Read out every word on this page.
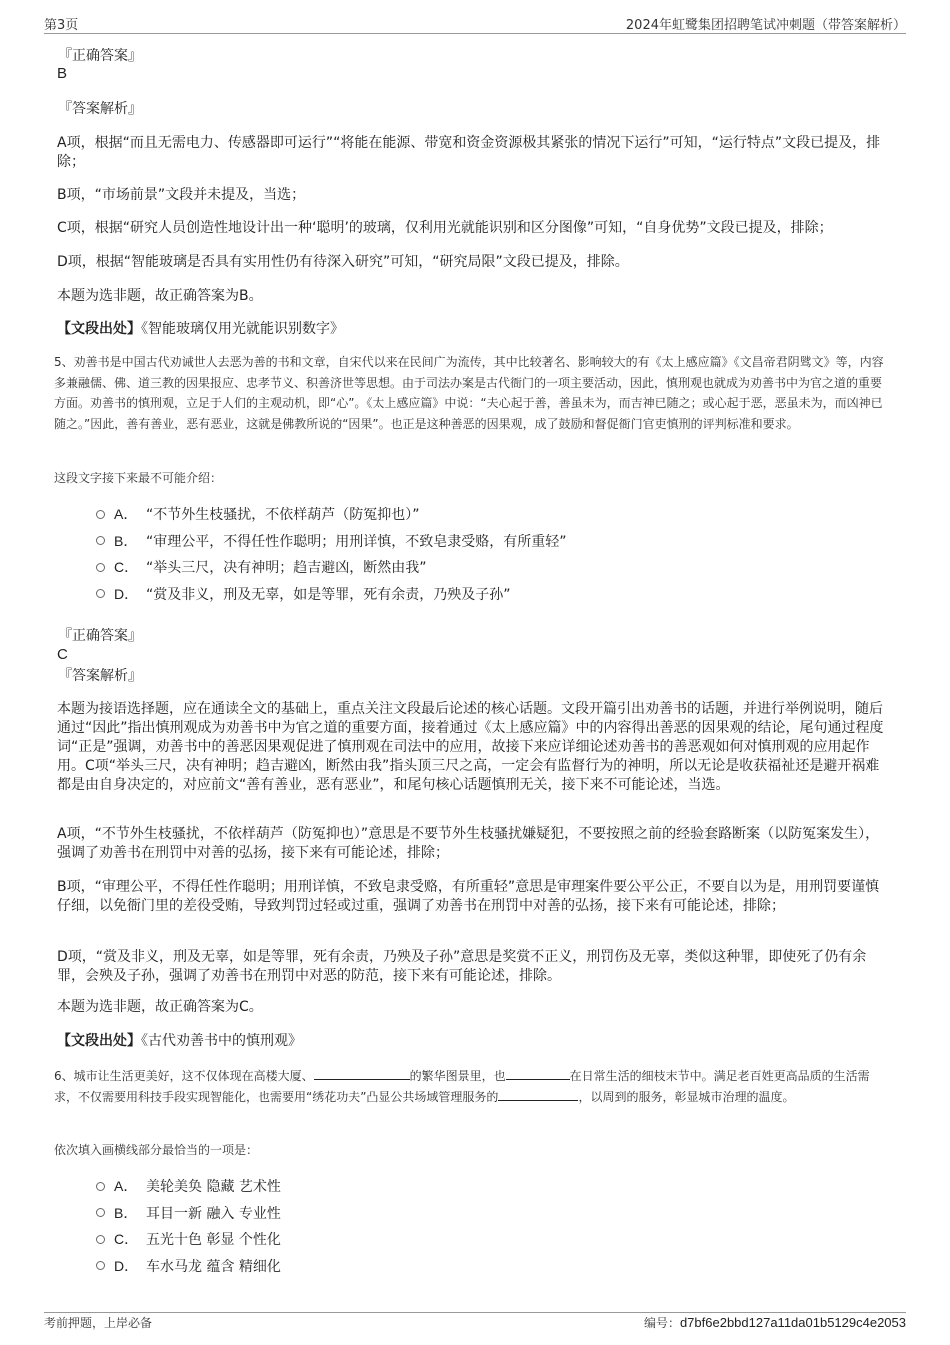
第3页	2024年虹鹭集团招聘笔试冲刺题（带答案解析）
『正确答案』
B
『答案解析』
A项，根据“而且无需电力、传感器即可运行”“将能在能源、带宽和资金资源极其紧张的情况下运行”可知，“运行特点”文段已提及，排除；
B项，“市场前景”文段并未提及，当选；
C项，根据“研究人员创造性地设计出一种‘聪明’的玻璃，仅利用光就能识别和区分图像”可知，“自身优势”文段已提及，排除；
D项，根据“智能玻璃是否具有实用性仍有待深入研究”可知，“研究局限”文段已提及，排除。
本题为选非题，故正确答案为B。
【文段出处】《智能玻璃仅用光就能识别数字》
5、劝善书是中国古代劝诫世人去恶为善的书和文章，自宋代以来在民间广为流传，其中比较著名、影响较大的有《太上感应篇》《文昌帝君阴骘文》等，内容多兼融儒、佛、道三教的因果报应、忠孝节义、积善济世等思想。由于司法办案是古代衙门的一项主要活动，因此，慎刑观也就成为劝善书中为官之道的重要方面。劝善书的慎刑观，立足于人们的主观动机，即“心”。《太上感应篇》中说：“夫心起于善，善虽未为，而吉神已随之；或心起于恶，恶虽未为，而凶神已随之。”因此，善有善业，恶有恶业，这就是佛教所说的“因果”。也正是这种善恶的因果观，成了鼓励和督促衙门官吏慎刑的评判标准和要求。
这段文字接下来最不可能介绍：
A． “不节外生枝骚扰，不依样葫芦（防冤抑也）”
B． “审理公平，不得任性作聪明；用刑详慎，不致皂隶受赂，有所重轻”
C． “举头三尺，决有神明；趋吉避凶，断然由我”
D． “赏及非义，刑及无辜，如是等罪，死有余责，乃殃及子孙”
『正确答案』
C
『答案解析』
本题为接语选择题，应在通读全文的基础上，重点关注文段最后论述的核心话题。文段开篇引出劝善书的话题，并进行举例说明，随后通过“因此”指出慎刑观成为劝善书中为官之道的重要方面，接着通过《太上感应篇》中的内容得出善恶的因果观的结论，尾句通过程度词“正是”强调，劝善书中的善恶因果观促进了慎刑观在司法中的应用，故接下来应详细论述劝善书的善恶观如何对慎刑观的应用起作用。C项“举头三尺，决有神明；趋吉避凶，断然由我”指头顶三尺之高，一定会有监督行为的神明，所以无论是收获福祉还是避开祸难都是由自身决定的，对应前文“善有善业，恶有恶业”，和尾句核心话题慎刑无关，接下来不可能论述，当选。
A项，“不节外生枝骚扰，不依样葫芦（防冤抑也）”意思是不要节外生枝骚扰嫌疑犯，不要按照之前的经验套路断案（以防冤案发生），强调了劝善书在刑罚中对善的弘扬，接下来有可能论述，排除；
B项，“审理公平，不得任性作聪明；用刑详慎，不致皂隶受赂，有所重轻”意思是审理案件要公平公正，不要自以为是，用刑罚要谨慎仔细，以免衙门里的差役受贿，导致判罚过轻或过重，强调了劝善书在刑罚中对善的弘扬，接下来有可能论述，排除；
D项，“赏及非义，刑及无辜，如是等罪，死有余责，乃殃及子孙”意思是奖赏不正义，刑罚伤及无辜，类似这种罪，即使死了仍有余罪，会殃及子孙，强调了劝善书在刑罚中对恶的防范，接下来有可能论述，排除。
本题为选非题，故正确答案为C。
【文段出处】《古代劝善书中的慎刑观》
6、城市让生活更美好，这不仅体现在高楼大厦、	的繁华图景里，也	在日常生活的细枝末节中。满足老百姓更高品质的生活需求，不仅需要用科技手段实现智能化，也需要用“绣花功夫”凸显公共场域管理服务的	，以周到的服务，彰显城市治理的温度。
依次填入画横线部分最恰当的一项是：
A． 美轮美奂 隐藏 艺术性
B． 耳目一新 融入 专业性
C． 五光十色 彰显 个性化
D． 车水马龙 蕴含 精细化
考前押题，上岸必备	编号：d7bf6e2bbd127a11da01b5129c4e2053
